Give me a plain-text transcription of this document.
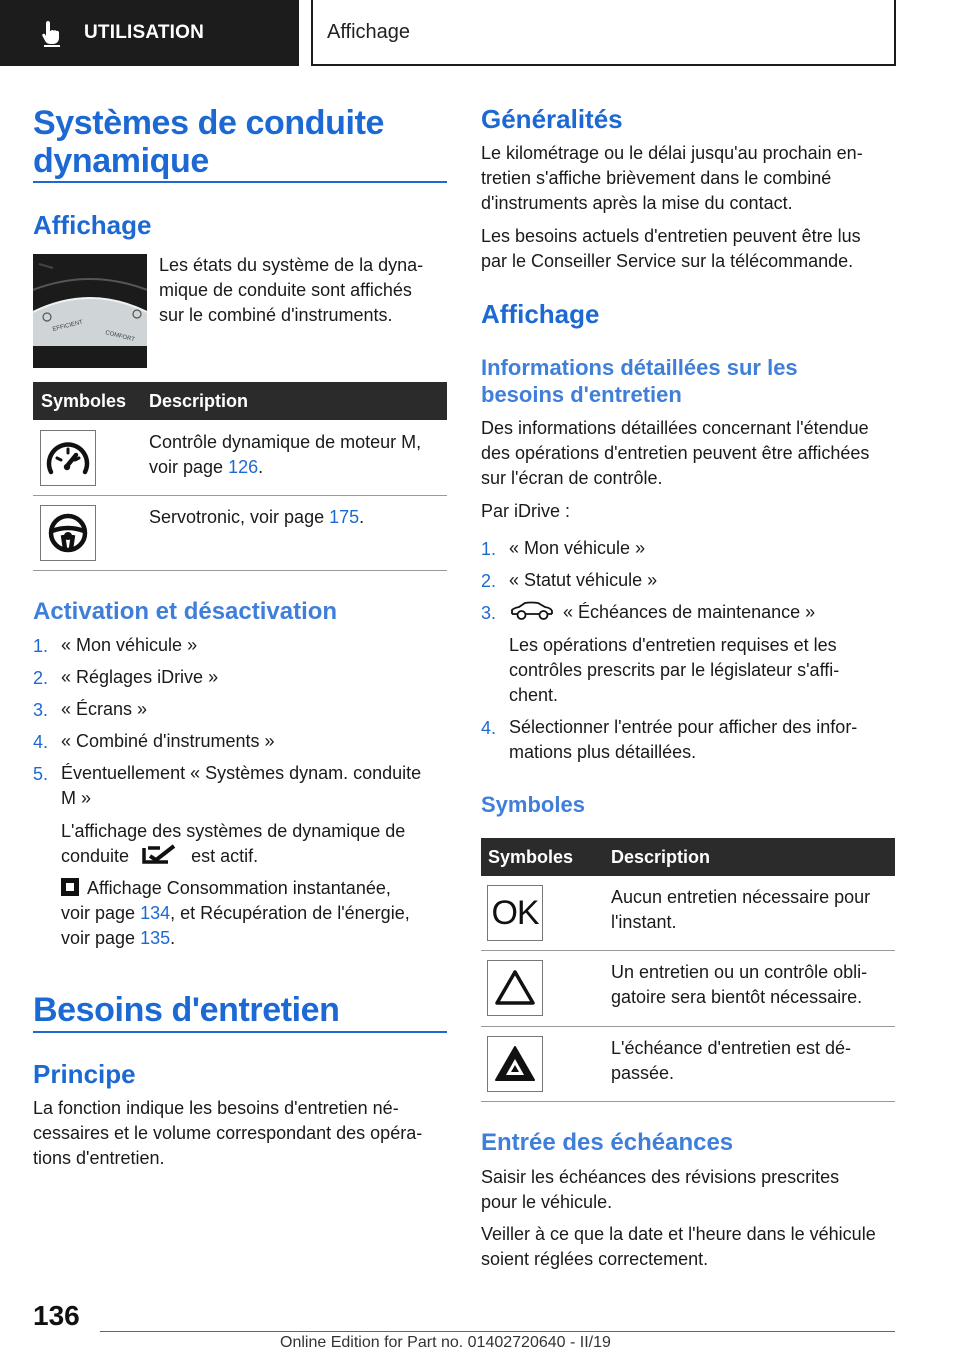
UTILISATION	Affichage
Systèmes de conduite
dynamique
Affichage
EFFICIENT
COMFORT
Les états du système de la dyna-
mique de conduite sont affichés
sur le combiné d'instruments.
Symboles Description
Contrôle dynamique de moteur M,
voir page 126.
Servotronic, voir page 175.
Activation et désactivation
1. « Mon véhicule »
2. « Réglages iDrive »
3. « Écrans »
4. « Combiné d'instruments »
5. Éventuellement « Systèmes dynam. conduite
M »
L'affichage des systèmes de dynamique de
conduite	est actif.
Affichage Consommation instantanée,
voir page 134, et Récupération de l'énergie,
voir page 135.
Besoins d'entretien
Principe
La fonction indique les besoins d'entretien né-
cessaires et le volume correspondant des opéra-
tions d'entretien.
Généralités
Le kilométrage ou le délai jusqu'au prochain en-
tretien s'affiche brièvement dans le combiné
d'instruments après la mise du contact.
Les besoins actuels d'entretien peuvent être lus
par le Conseiller Service sur la télécommande.
Affichage
Informations détaillées sur les
besoins d'entretien
Des informations détaillées concernant l'étendue
des opérations d'entretien peuvent être affichées
sur l'écran de contrôle.
Par iDrive :
1. « Mon véhicule »
2. « Statut véhicule »
3.	« Échéances de maintenance »
Les opérations d'entretien requises et les
contrôles prescrits par le législateur s'affi-
chent.
4. Sélectionner l'entrée pour afficher des infor-
mations plus détaillées.
Symboles
Symboles Description
OK	Aucun entretien nécessaire pour
l'instant.
Un entretien ou un contrôle obli-
gatoire sera bientôt nécessaire.
L'échéance d'entretien est dé-
passée.
Entrée des échéances
Saisir les échéances des révisions prescrites
pour le véhicule.
Veiller à ce que la date et l'heure dans le véhicule
soient réglées correctement.
136
Online Edition for Part no. 01402720640 - II/19
